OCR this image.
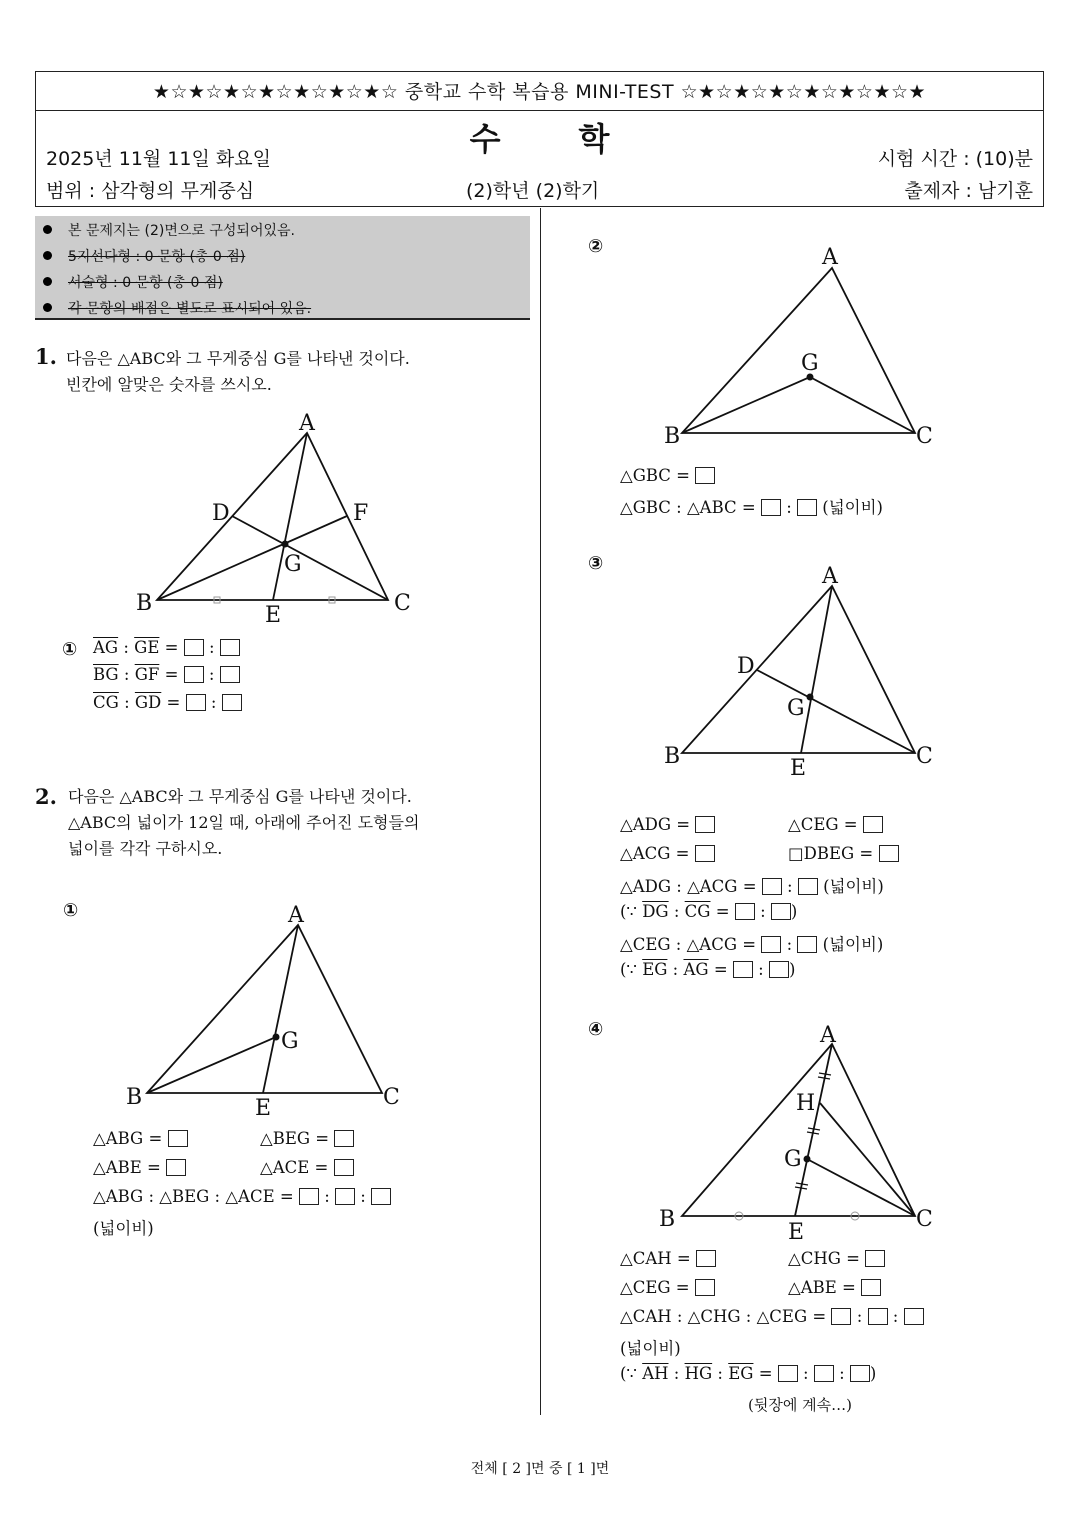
★☆★☆★☆★☆★☆★☆★☆ 중학교 수학 복습용 MINI-TEST ☆★☆★☆★☆★☆★☆★☆★
수학
2025년 11월 11일 화요일	시험 시간 : (10)분
범위 : 삼각형의 무게중심	(2)학년 (2)학기	출제자 : 남기훈
본 문제지는 (2)면으로 구성되어있음.
5지선다형 : 0 문항 (총 0 점)
서술형 : 0 문항 (총 0 점)
각 문항의 배점은 별도로 표시되어 있음.
1. 다음은 △ABC와 그 무게중심 G를 나타낸 것이다.
빈칸에 알맞은 숫자를 쓰시오.
A
B	C
D
E
F
G
① $\overline{AG}$ : $\overline{GE}$ = :
$\overline{BG}$ : $\overline{GF}$ = :
$\overline{CG}$ : $\overline{GD}$ = :
2. 다음은 △ABC와 그 무게중심 G를 나타낸 것이다.
△ABC의 넓이가 12일 때, 아래에 주어진 도형들의
넓이를 각각 구하시오.
①	A
B	C
E
G
△ABG =	△BEG =
△ABE =	△ACE =
△ABG : △BEG : △ACE = : :
(넓이비)
②	A
B	C
G
△GBC =
△GBC : △ABC = : (넓이비)
③
A
B	C
D
E
G
△ADG =	△CEG =
△ACG =	□DBEG =
△ADG : △ACG = : (넓이비)
(∵ $\overline{DG}$ : $\overline{CG}$ = : )
△CEG : △ACG = : (넓이비)
(∵ $\overline{EG}$ : $\overline{AG}$ = : )
④	A
B	C
H
G
E
△CAH =	△CHG =
△CEG =	△ABE =
△CAH : △CHG : △CEG = : :
(넓이비)
(∵ $\overline{AH}$ : $\overline{HG}$ : $\overline{EG}$ = : : )
(뒷장에 계속…)
전체 [ 2 ]면 중 [ 1 ]면
